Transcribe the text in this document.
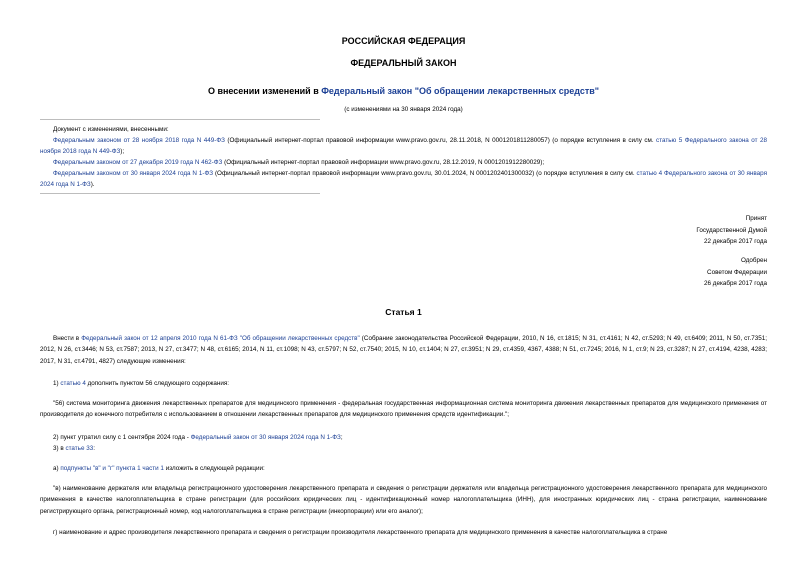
РОССИЙСКАЯ ФЕДЕРАЦИЯ
ФЕДЕРАЛЬНЫЙ ЗАКОН
О внесении изменений в Федеральный закон "Об обращении лекарственных средств"
(с изменениями на 30 января 2024 года)
Документ с изменениями, внесенными:
Федеральным законом от 28 ноября 2018 года N 449-ФЗ (Официальный интернет-портал правовой информации www.pravo.gov.ru, 28.11.2018, N 0001201811280057) (о порядке вступления в силу см. статью 5 Федерального закона от 28 ноября 2018 года N 449-ФЗ);
Федеральным законом от 27 декабря 2019 года N 462-ФЗ (Официальный интернет-портал правовой информации www.pravo.gov.ru, 28.12.2019, N 0001201912280029);
Федеральным законом от 30 января 2024 года N 1-ФЗ (Официальный интернет-портал правовой информации www.pravo.gov.ru, 30.01.2024, N 0001202401300032) (о порядке вступления в силу см. статью 4 Федерального закона от 30 января 2024 года N 1-ФЗ).
Принят
Государственной Думой
22 декабря 2017 года
Одобрен
Советом Федерации
26 декабря 2017 года
Статья 1
Внести в Федеральный закон от 12 апреля 2010 года N 61-ФЗ "Об обращении лекарственных средств" (Собрание законодательства Российской Федерации, 2010, N 16, ст.1815; N 31, ст.4161; N 42, ст.5293; N 49, ст.6409; 2011, N 50, ст.7351; 2012, N 26, ст.3446; N 53, ст.7587; 2013, N 27, ст.3477; N 48, ст.6165; 2014, N 11, ст.1098; N 43, ст.5797; N 52, ст.7540; 2015, N 10, ст.1404; N 27, ст.3951; N 29, ст.4359, 4367, 4388; N 51, ст.7245; 2016, N 1, ст.9; N 23, ст.3287; N 27, ст.4194, 4238, 4283; 2017, N 31, ст.4791, 4827) следующие изменения:
1) статью 4 дополнить пунктом 56 следующего содержания:
"56) система мониторинга движения лекарственных препаратов для медицинского применения - федеральная государственная информационная система мониторинга движения лекарственных препаратов для медицинского применения от производителя до конечного потребителя с использованием в отношении лекарственных препаратов для медицинского применения средств идентификации.";
2) пункт утратил силу с 1 сентября 2024 года - Федеральный закон от 30 января 2024 года N 1-ФЗ;
3) в статье 33:
а) подпункты "в" и "г" пункта 1 части 1 изложить в следующей редакции:
"в) наименование держателя или владельца регистрационного удостоверения лекарственного препарата и сведения о регистрации держателя или владельца регистрационного удостоверения лекарственного препарата для медицинского применения в качестве налогоплательщика в стране регистрации (для российских юридических лиц - идентификационный номер налогоплательщика (ИНН), для иностранных юридических лиц - страна регистрации, наименование регистрирующего органа, регистрационный номер, код налогоплательщика в стране регистрации (инкорпорации) или его аналог);
г) наименование и адрес производителя лекарственного препарата и сведения о регистрации производителя лекарственного препарата для медицинского применения в качестве налогоплательщика в стране
